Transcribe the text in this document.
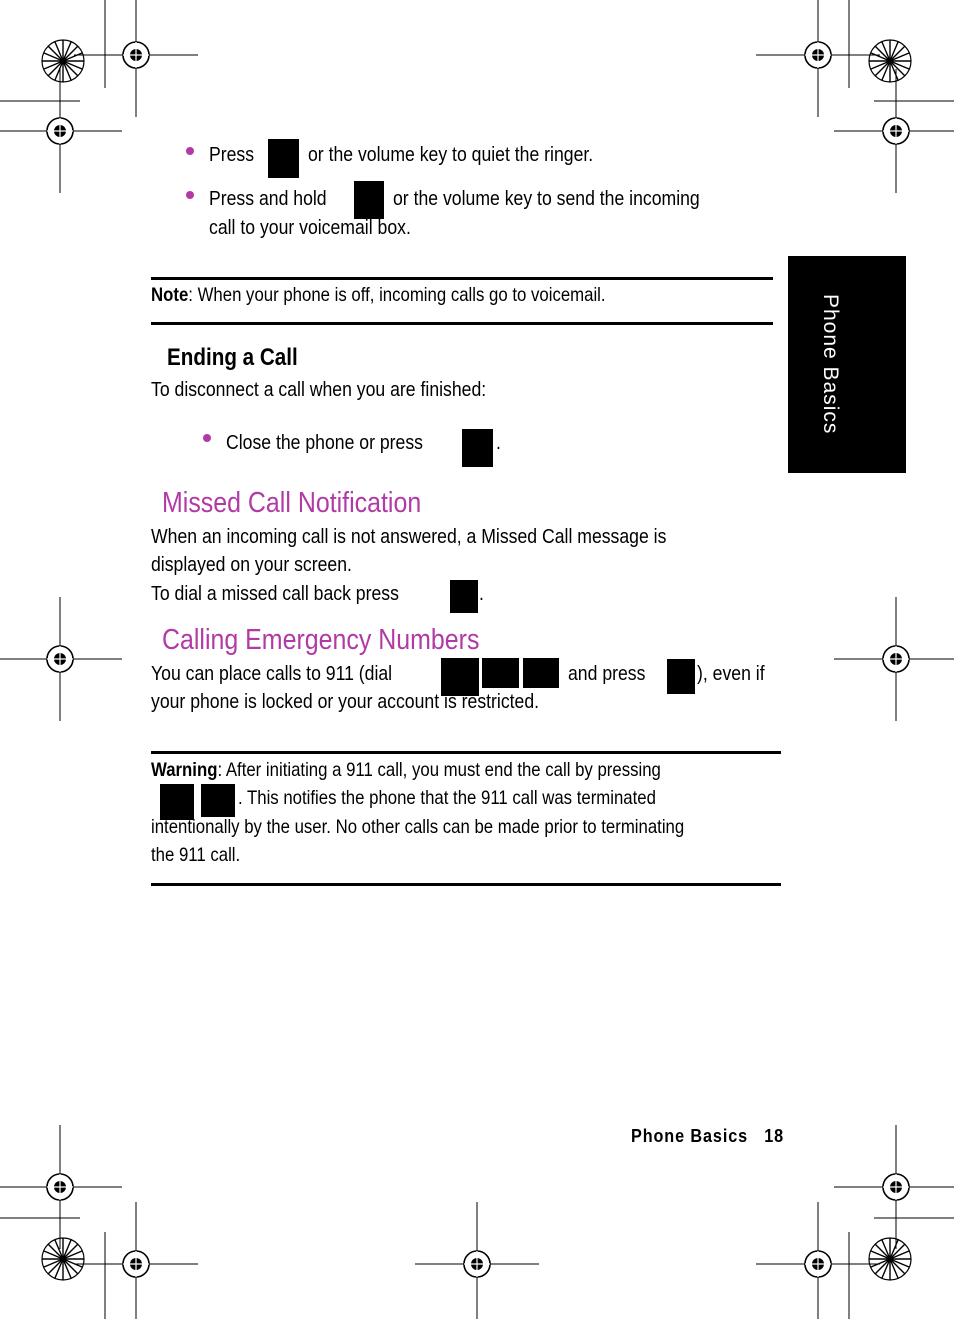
Phone Basics
Press	or the volume key to quiet the ringer.
Press and hold	or the volume key to send the incoming
call to your voicemail box.
Note: When your phone is off, incoming calls go to voicemail.
Ending a Call
To disconnect a call when you are finished:
Close the phone or press	.
Missed Call Notification
When an incoming call is not answered, a Missed Call message is
displayed on your screen.
To dial a missed call back press	.
Calling Emergency Numbers
You can place calls to 911 (dial	and press	), even if
your phone is locked or your account is restricted.
Warning: After initiating a 911 call, you must end the call by pressing
. This notifies the phone that the 911 call was terminated
intentionally by the user. No other calls can be made prior to terminating
the 911 call.
Phone Basics 18
